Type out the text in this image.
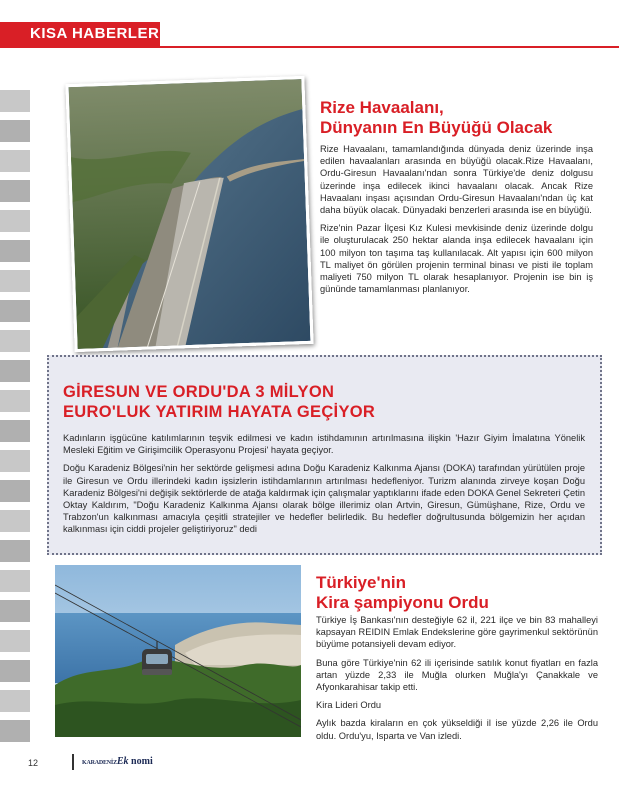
KISA HABERLER
Rize Havaalanı,
Dünyanın En Büyüğü Olacak

Rize Havaalanı, tamamlandığında dünyada deniz üzerinde inşa edilen havaalanları arasında en büyüğü olacak.Rize Havaalanı, Ordu-Giresun Havaalanı'ndan sonra Türkiye'de deniz dolgusu üzerinde inşa edilecek ikinci havaalanı olacak. Ancak Rize Havaalanı inşası açısından Ordu-Giresun Havaalanı'ndan üç kat daha büyük olacak. Dünyadaki benzerleri arasında ise en büyüğü.

Rize'nin Pazar İlçesi Kız Kulesi mevkisinde deniz üzerinde dolgu ile oluşturulacak 250 hektar alanda inşa edilecek havaalanı için 100 milyon ton taşıma taş kullanılacak. Alt yapısı için 600 milyon TL maliyet ön görülen projenin terminal binası ve pisti ile toplam maliyeti 750 milyon TL olarak hesaplanıyor. Projenin ise bin iş gününde tamamlanması planlanıyor.

GİRESUN VE ORDU'DA 3 MİLYON
EURO'LUK YATIRIM HAYATA GEÇİYOR

Kadınların işgücüne katılımlarının teşvik edilmesi ve kadın istihdamının artırılmasına ilişkin 'Hazır Giyim İmalatına Yönelik Mesleki Eğitim ve Girişimcilik Operasyonu Projesi' hayata geçiyor.

Doğu Karadeniz Bölgesi'nin her sektörde gelişmesi adına Doğu Karadeniz Kalkınma Ajansı (DOKA) tarafından yürütülen proje ile Giresun ve Ordu illerindeki kadın işsizlerin istihdamlarının artırılması hedefleniyor. Turizm alanında zirveye koşan Doğu Karadeniz Bölgesi'ni değişik sektörlerde de atağa kaldırmak için çalışmalar yaptıklarını ifade eden DOKA Genel Sekreteri Çetin Oktay Kaldırım, "Doğu Karadeniz Kalkınma Ajansı olarak bölge illerimiz olan Artvin, Giresun, Gümüşhane, Rize, Ordu ve Trabzon'un kalkınması amacıyla çeşitli stratejiler ve hedefler belirledik. Bu hedefler doğrultusunda bölgemizin her açıdan kalkınması için ciddi projeler geliştiriyoruz" dedi

Türkiye'nin
Kira şampiyonu Ordu

Türkiye İş Bankası'nın desteğiyle 62 il, 221 ilçe ve bin 83 mahalleyi kapsayan REIDIN Emlak Endekslerine göre gayrimenkul sektörünün büyüme potansiyeli devam ediyor.

Buna göre Türkiye'nin 62 ili içerisinde satılık konut fiyatları en fazla artan yüzde 2,33 ile Muğla olurken Muğla'yı Çanakkale ve Afyonkarahisar takip etti.

Kira Lideri Ordu

Aylık bazda kiraların en çok yükseldiği il ise yüzde 2,26 ile Ordu oldu. Ordu'yu, Isparta ve Van izledi.

12	KARADENİZEk nomi
